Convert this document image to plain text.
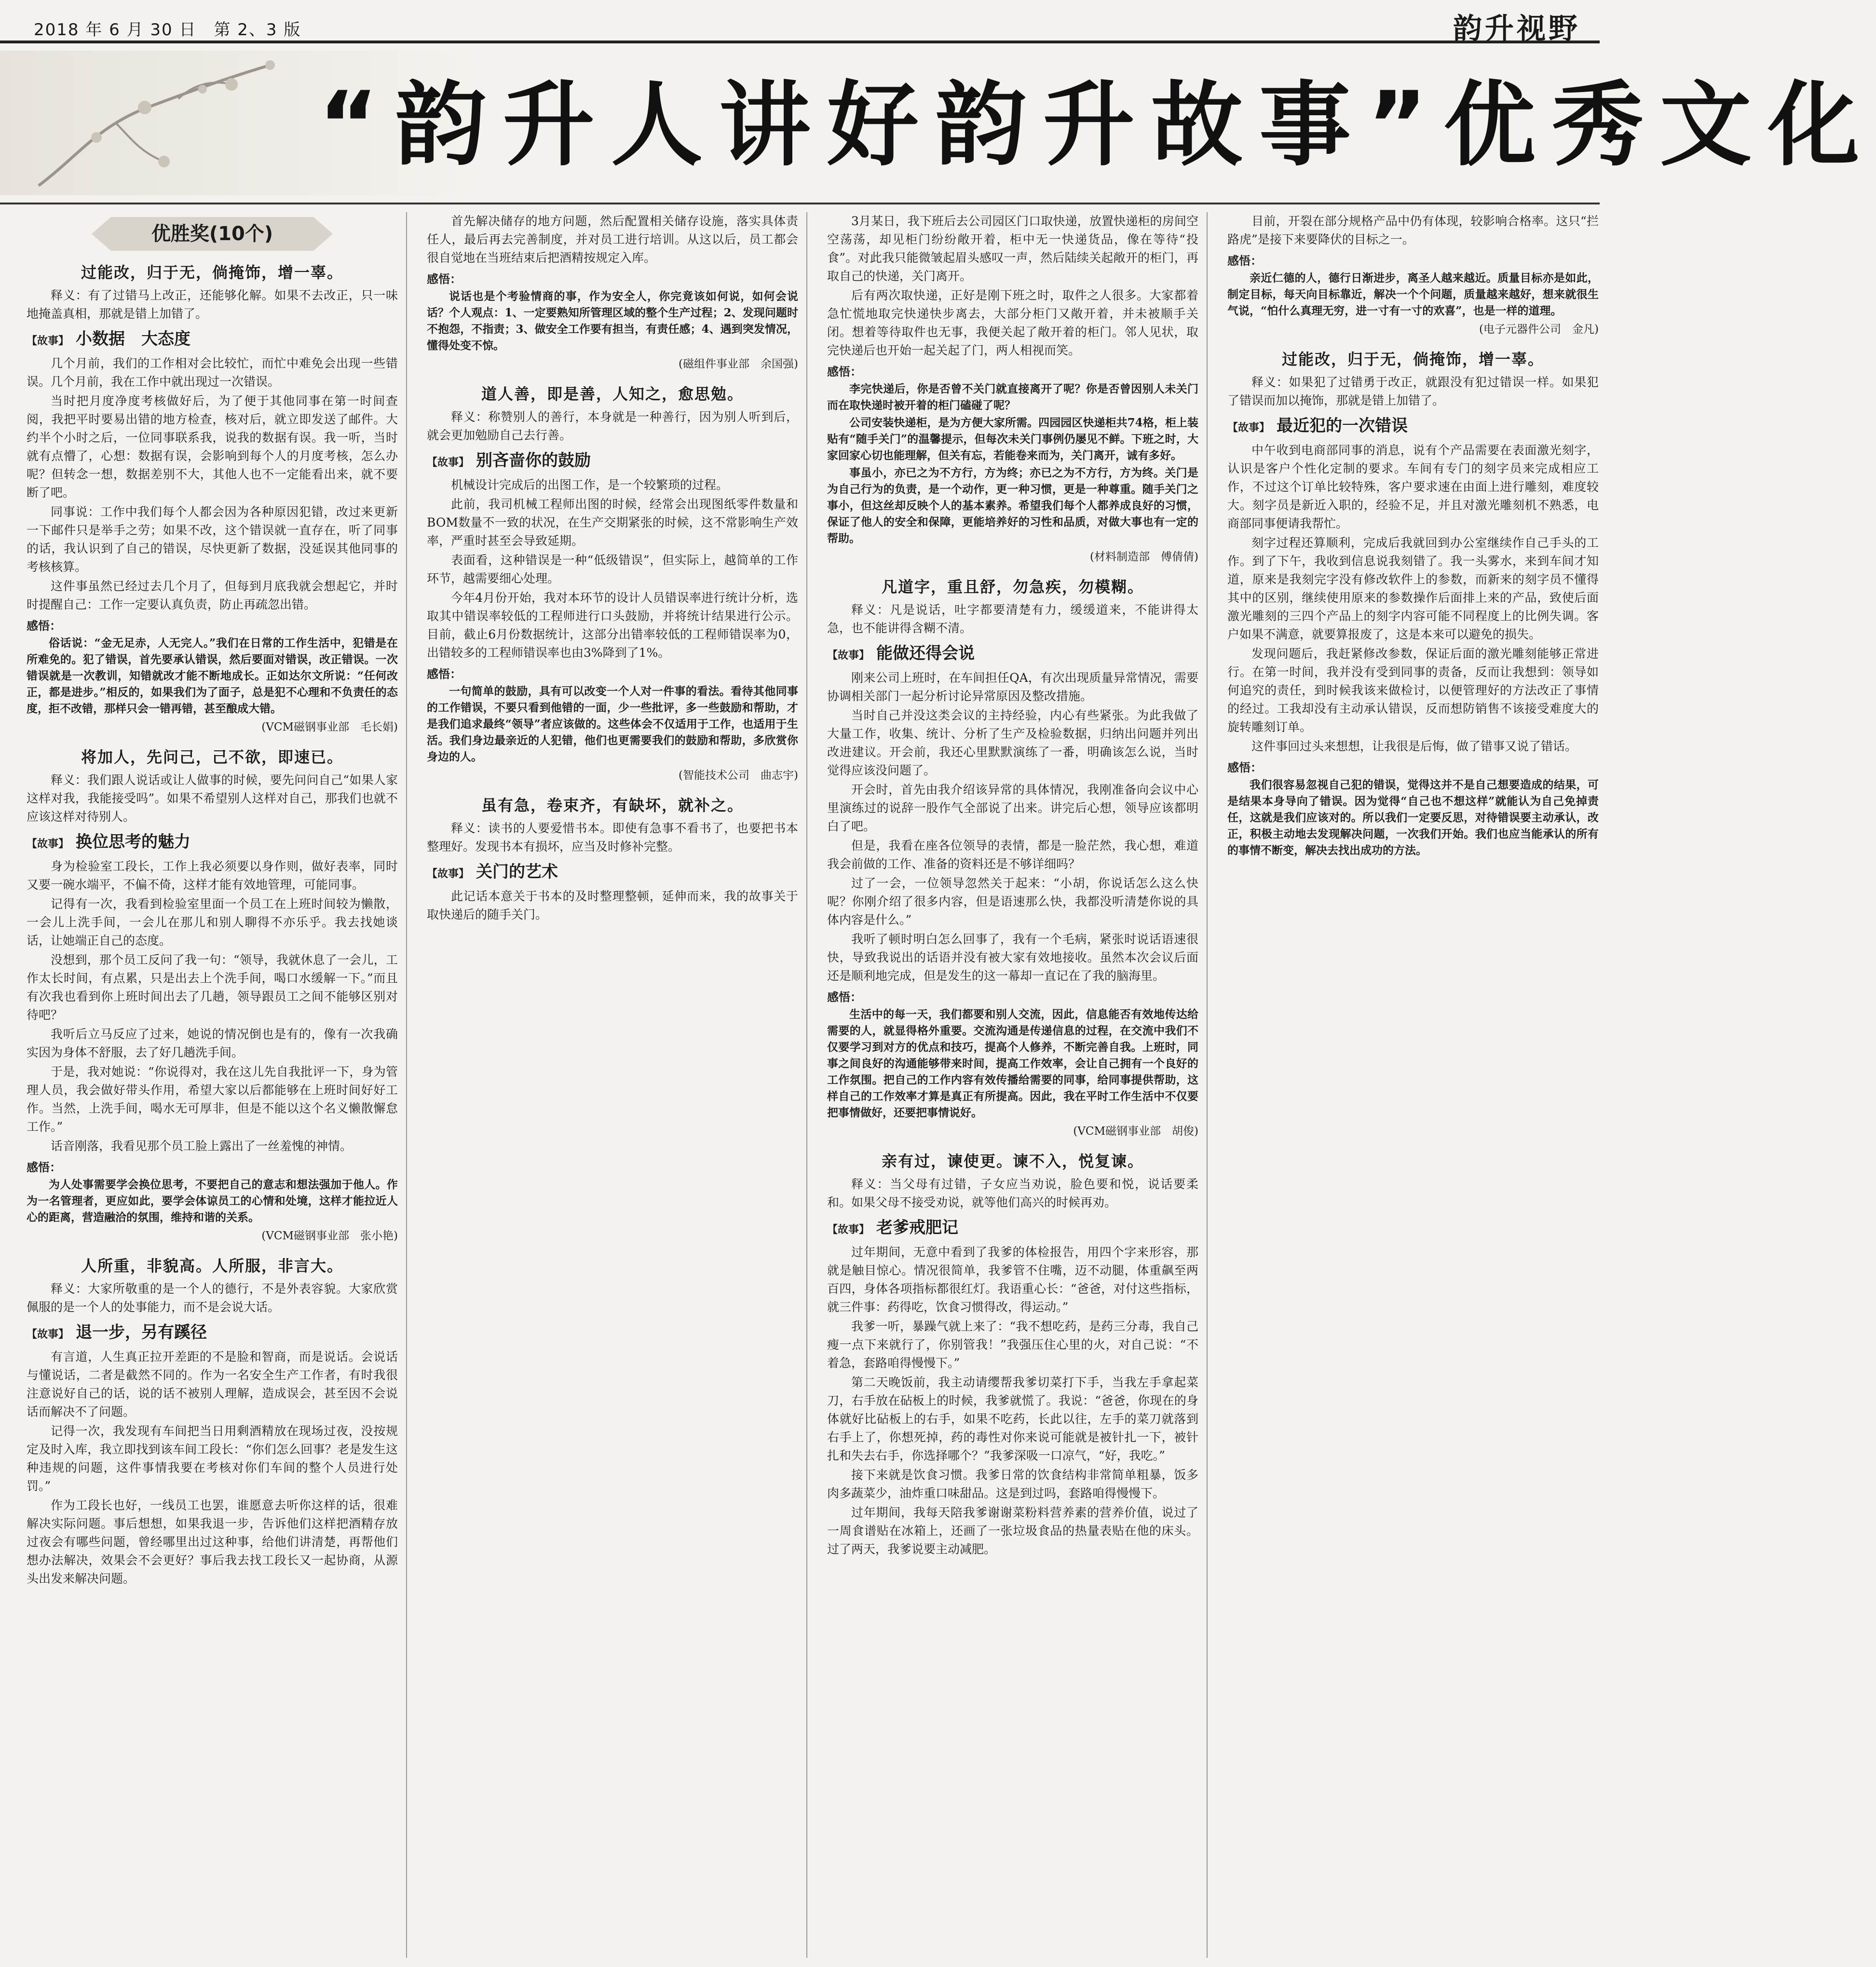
2018 年 6 月 30 日　第 2、3 版	韵升视野
“韵升人讲好韵升故事”优秀文化
优胜奖(10个)
过能改，归于无，倘掩饰，增一辜。

释义：有了过错马上改正，还能够化解。如果不去改正，只一味地掩盖真相，那就是错上加错了。

【故事】 小数据　大态度

几个月前，我们的工作相对会比较忙，而忙中难免会出现一些错误。几个月前，我在工作中就出现过一次错误。

当时把月度净度考核做好后，为了便于其他同事在第一时间查阅，我把平时要易出错的地方检查，核对后，就立即发送了邮件。大约半个小时之后，一位同事联系我，说我的数据有误。我一听，当时就有点懵了，心想：数据有误，会影响到每个人的月度考核，怎么办呢？但转念一想，数据差别不大，其他人也不一定能看出来，就不要断了吧。

同事说：工作中我们每个人都会因为各种原因犯错，改过来更新一下邮件只是举手之劳；如果不改，这个错误就一直存在，听了同事的话，我认识到了自己的错误，尽快更新了数据，没延误其他同事的考核核算。

这件事虽然已经过去几个月了，但每到月底我就会想起它，并时时提醒自己：工作一定要认真负责，防止再疏忽出错。

感悟：

俗话说：“金无足赤，人无完人。”我们在日常的工作生活中，犯错是在所难免的。犯了错误，首先要承认错误，然后要面对错误，改正错误。一次错误就是一次教训，知错就改才能不断地成长。正如达尔文所说：“任何改正，都是进步。”相反的，如果我们为了面子，总是犯不心理和不负责任的态度，拒不改错，那样只会一错再错，甚至酿成大错。

(VCM磁钢事业部　毛长娟)
将加人，先问己，己不欲，即速已。

释义：我们跟人说话或让人做事的时候，要先问问自己“如果人家这样对我，我能接受吗”。如果不希望别人这样对自己，那我们也就不应该这样对待别人。

【故事】 换位思考的魅力

身为检验室工段长，工作上我必须要以身作则，做好表率，同时又要一碗水端平，不偏不倚，这样才能有效地管理，可能同事。

记得有一次，我看到检验室里面一个员工在上班时间较为懒散，一会儿上洗手间，一会儿在那儿和别人聊得不亦乐乎。我去找她谈话，让她端正自己的态度。

没想到，那个员工反问了我一句：“领导，我就休息了一会儿，工作太长时间，有点累，只是出去上个洗手间，喝口水缓解一下。”而且有次我也看到你上班时间出去了几趟，领导跟员工之间不能够区别对待吧？

我听后立马反应了过来，她说的情况倒也是有的，像有一次我确实因为身体不舒服，去了好几趟洗手间。

于是，我对她说：“你说得对，我在这儿先自我批评一下，身为管理人员，我会做好带头作用，希望大家以后都能够在上班时间好好工作。当然，上洗手间，喝水无可厚非，但是不能以这个名义懒散懈怠工作。”

话音刚落，我看见那个员工脸上露出了一丝羞愧的神情。

感悟：

为人处事需要学会换位思考，不要把自己的意志和想法强加于他人。作为一名管理者，更应如此，要学会体谅员工的心情和处境，这样才能拉近人心的距离，营造融洽的氛围，维持和谐的关系。

(VCM磁钢事业部　张小艳)
人所重，非貌高。人所服，非言大。

释义：大家所敬重的是一个人的德行，不是外表容貌。大家欣赏佩服的是一个人的处事能力，而不是会说大话。

【故事】 退一步，另有蹊径

有言道，人生真正拉开差距的不是脸和智商，而是说话。会说话与懂说话，二者是截然不同的。作为一名安全生产工作者，有时我很注意说好自己的话，说的话不被别人理解，造成误会，甚至因不会说话而解决不了问题。

记得一次，我发现有车间把当日用剩酒精放在现场过夜，没按规定及时入库，我立即找到该车间工段长：“你们怎么回事？老是发生这种违规的问题，这件事情我要在考核对你们车间的整个人员进行处罚。”

作为工段长也好，一线员工也罢，谁愿意去听你这样的话，很难解决实际问题。事后想想，如果我退一步，告诉他们这样把酒精存放过夜会有哪些问题，曾经哪里出过这种事，给他们讲清楚，再帮他们想办法解决，效果会不会更好？事后我去找工段长又一起协商，从源头出发来解决问题。

首先解决储存的地方问题，然后配置相关储存设施，落实具体责任人，最后再去完善制度，并对员工进行培训。从这以后，员工都会很自觉地在当班结束后把酒精按规定入库。

感悟：

说话也是个考验情商的事，作为安全人，你完竟该如何说，如何会说话？个人观点：1、一定要熟知所管理区域的整个生产过程；2、发现问题时不抱怨，不指责；3、做安全工作要有担当，有责任感；4、遇到突发情况，懂得处变不惊。

(磁组件事业部　余国强)
道人善，即是善，人知之，愈思勉。

释义：称赞别人的善行，本身就是一种善行，因为别人听到后，就会更加勉励自己去行善。

【故事】 别吝啬你的鼓励

机械设计完成后的出图工作，是一个较繁琐的过程。

此前，我司机械工程师出图的时候，经常会出现图纸零件数量和BOM数量不一致的状况，在生产交期紧张的时候，这不常影响生产效率，严重时甚至会导致延期。

表面看，这种错误是一种“低级错误”，但实际上，越简单的工作环节，越需要细心处理。

今年4月份开始，我对本环节的设计人员错误率进行统计分析，选取其中错误率较低的工程师进行口头鼓励，并将统计结果进行公示。目前，截止6月份数据统计，这部分出错率较低的工程师错误率为0，出错较多的工程师错误率也由3%降到了1%。

感悟：

一句简单的鼓励，具有可以改变一个人对一件事的看法。看待其他同事的工作错误，不要只看到他错的一面，少一些批评，多一些鼓励和帮助，才是我们追求最终“领导”者应该做的。这些体会不仅适用于工作，也适用于生活。我们身边最亲近的人犯错，他们也更需要我们的鼓励和帮助，多欣赏你身边的人。

(智能技术公司　曲志宇)
虽有急，卷束齐，有缺坏，就补之。

释义：读书的人要爱惜书本。即使有急事不看书了，也要把书本整理好。发现书本有损坏，应当及时修补完整。

【故事】 关门的艺术

此记话本意关于书本的及时整理整顿，延伸而来，我的故事关于取快递后的随手关门。

3月某日，我下班后去公司园区门口取快递，放置快递柜的房间空空荡荡，却见柜门纷纷敞开着，柜中无一快递货品，像在等待“投食”。对此我只能微皱起眉头感叹一声，然后陆续关起敞开的柜门，再取自己的快递，关门离开。

后有两次取快递，正好是刚下班之时，取件之人很多。大家都着急忙慌地取完快递快步离去，大部分柜门又敞开着，并未被顺手关闭。想着等待取件也无事，我便关起了敞开着的柜门。邻人见状，取完快递后也开始一起关起了门，两人相视而笑。

感悟：

李完快递后，你是否曾不关门就直接离开了呢？你是否曾因别人未关门而在取快递时被开着的柜门磕碰了呢？

公司安装快递柜，是为方便大家所需。四园园区快递柜共74格，柜上装贴有“随手关门”的温馨提示，但每次未关门事例仍屡见不鲜。下班之时，大家回家心切也能理解，但关有忘，若能卷来而为，关门离开，诚有多好。

事虽小，亦已之为不方行，方为终；亦已之为不方行，方为终。关门是为自己行为的负责，是一个动作，更一种习惯，更是一种尊重。随手关门之事小，但这丝却反映个人的基本素养。希望我们每个人都养成良好的习惯，保证了他人的安全和保障，更能培养好的习性和品质，对做大事也有一定的帮助。

(材料制造部　傅倩倩)
凡道字，重且舒，勿急疾，勿模糊。

释义：凡是说话，吐字都要清楚有力，缓缓道来，不能讲得太急，也不能讲得含糊不清。

【故事】 能做还得会说

刚来公司上班时，在车间担任QA，有次出现质量异常情况，需要协调相关部门一起分析讨论异常原因及整改措施。

当时自己并没这类会议的主持经验，内心有些紧张。为此我做了大量工作，收集、统计、分析了生产及检验数据，归纳出问题并列出改进建议。开会前，我还心里默默演练了一番，明确该怎么说，当时觉得应该没问题了。

开会时，首先由我介绍该异常的具体情况，我刚准备向会议中心里演练过的说辞一股作气全部说了出来。讲完后心想，领导应该都明白了吧。

但是，我看在座各位领导的表情，都是一脸茫然，我心想，难道我会前做的工作、准备的资料还是不够详细吗？

过了一会，一位领导忽然关于起来：“小胡，你说话怎么这么快呢？你刚介绍了很多内容，但是语速那么快，我都没听清楚你说的具体内容是什么。”

我听了顿时明白怎么回事了，我有一个毛病，紧张时说话语速很快，导致我说出的话语并没有被大家有效地接收。虽然本次会议后面还是顺利地完成，但是发生的这一幕却一直记在了我的脑海里。

感悟：

生活中的每一天，我们都要和别人交流，因此，信息能否有效地传达给需要的人，就显得格外重要。交流沟通是传递信息的过程，在交流中我们不仅要学习到对方的优点和技巧，提高个人修养，不断完善自我。上班时，同事之间良好的沟通能够带来时间，提高工作效率，会让自己拥有一个良好的工作氛围。把自己的工作内容有效传播给需要的同事，给同事提供帮助，这样自己的工作效率才算是真正有所提高。因此，我在平时工作生活中不仅要把事情做好，还要把事情说好。

(VCM磁钢事业部　胡俊)
亲有过，谏使更。谏不入，悦复谏。

释义：当父母有过错，子女应当劝说，脸色要和悦，说话要柔和。如果父母不接受劝说，就等他们高兴的时候再劝。

【故事】 老爹戒肥记

过年期间，无意中看到了我爹的体检报告，用四个字来形容，那就是触目惊心。情况很简单，我爹管不住嘴，迈不动腿，体重飙至两百四，身体各项指标都很红灯。我语重心长：“爸爸，对付这些指标，就三件事：药得吃，饮食习惯得改，得运动。”

我爹一听，暴躁气就上来了：“我不想吃药，是药三分毒，我自己瘦一点下来就行了，你别管我！”我强压住心里的火，对自己说：“不着急，套路咱得慢慢下。”

第二天晚饭前，我主动请缨帮我爹切菜打下手，当我左手拿起菜刀，右手放在砧板上的时候，我爹就慌了。我说：“爸爸，你现在的身体就好比砧板上的右手，如果不吃药，长此以往，左手的菜刀就落到右手上了，你想死掉，药的毒性对你来说可能就是被针扎一下，被针扎和失去右手，你选择哪个？”我爹深吸一口凉气，“好，我吃。”

接下来就是饮食习惯。我爹日常的饮食结构非常简单粗暴，饭多肉多蔬菜少，油炸重口味甜品。这是到过吗，套路咱得慢慢下。

过年期间，我每天陪我爹谢谢菜粉料营养素的营养价值，说过了一周食谱贴在冰箱上，还画了一张垃圾食品的热量表贴在他的床头。过了两天，我爹说要主动减肥。

目前，开裂在部分规格产品中仍有体现，较影响合格率。这只“拦路虎”是接下来要降伏的目标之一。

感悟：

亲近仁德的人，德行日渐进步，离圣人越来越近。质量目标亦是如此，制定目标，每天向目标靠近，解决一个个问题，质量越来越好，想来就很生气说，“怕什么真理无穷，进一寸有一寸的欢喜”，也是一样的道理。

(电子元器件公司　金凡)
过能改，归于无，倘掩饰，增一辜。

释义：如果犯了过错勇于改正，就跟没有犯过错误一样。如果犯了错误而加以掩饰，那就是错上加错了。

【故事】 最近犯的一次错误

中午收到电商部同事的消息，说有个产品需要在表面激光刻字，认识是客户个性化定制的要求。车间有专门的刻字员来完成相应工作，不过这个订单比较特殊，客户要求速在由面上进行雕刻，难度较大。刻字员是新近入职的，经验不足，并且对激光雕刻机不熟悉，电商部同事便请我帮忙。

刻字过程还算顺利，完成后我就回到办公室继续作自己手头的工作。到了下午，我收到信息说我刻错了。我一头雾水，来到车间才知道，原来是我刻完字没有修改软件上的参数，而新来的刻字员不懂得其中的区别，继续使用原来的参数操作后面排上来的产品，致使后面激光雕刻的三四个产品上的刻字内容可能不同程度上的比例失调。客户如果不满意，就要算报废了，这是本来可以避免的损失。

发现问题后，我赶紧修改参数，保证后面的激光雕刻能够正常进行。在第一时间，我并没有受到同事的责备，反而让我想到：领导如何追究的责任，到时候我该来做检讨，以便管理好的方法改正了事情的经过。工我却没有主动承认错误，反而想防销售不该接受难度大的旋转雕刻订单。

这件事回过头来想想，让我很是后悔，做了错事又说了错话。

感悟：

我们很容易忽视自己犯的错误，觉得这并不是自己想要造成的结果，可是结果本身导向了错误。因为觉得“自己也不想这样”就能认为自己免掉责任，这就是我们应该对的。所以我们一定要反思，对待错误要主动承认，改正，积极主动地去发现解决问题，一次我们开始。我们也应当能承认的所有的事情不断变，解决去找出成功的方法。
